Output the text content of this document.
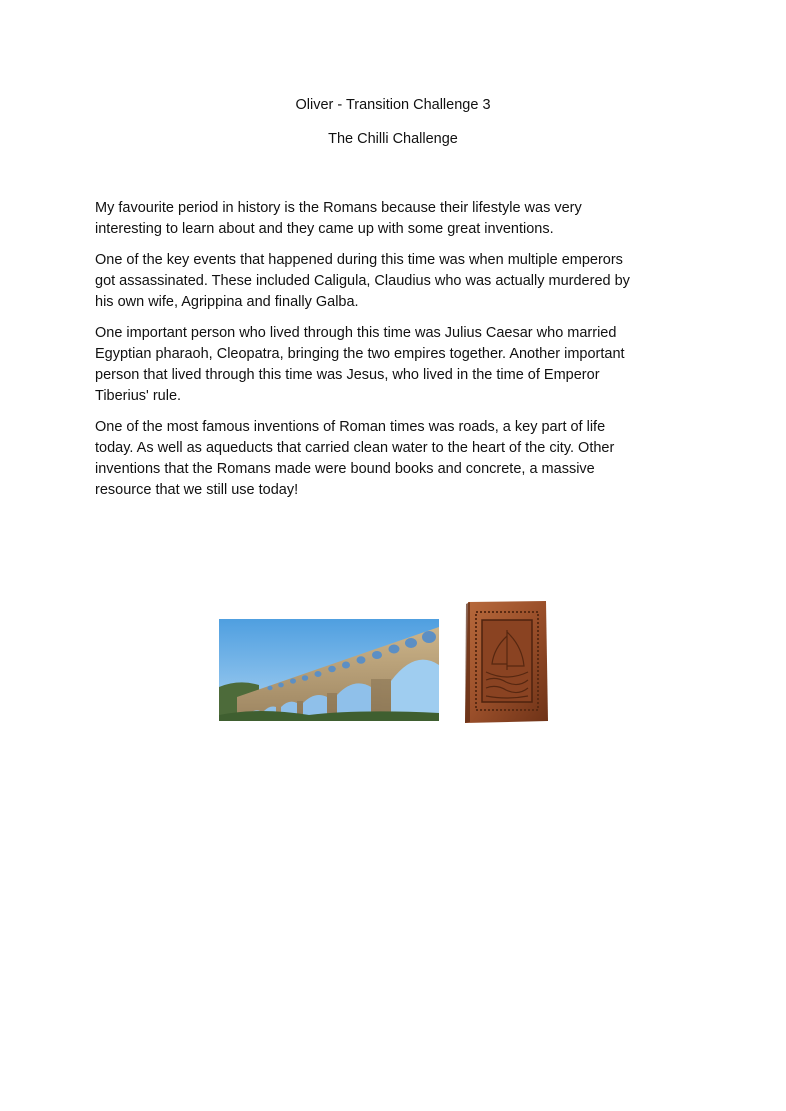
Oliver - Transition Challenge 3

The Chilli Challenge

My favourite period in history is the Romans because their lifestyle was very
interesting to learn about and they came up with some great inventions.

One of the key events that happened during this time was when multiple emperors
got assassinated. These included Caligula, Claudius who was actually murdered by
his own wife, Agrippina and finally Galba.

One important person who lived through this time was Julius Caesar who married
Egyptian pharaoh, Cleopatra, bringing the two empires together. Another important
person that lived through this time was Jesus, who lived in the time of Emperor
Tiberius' rule.

One of the most famous inventions of Roman times was roads, a key part of life
today. As well as aqueducts that carried clean water to the heart of the city. Other
inventions that the Romans made were bound books and concrete, a massive
resource that we still use today!
